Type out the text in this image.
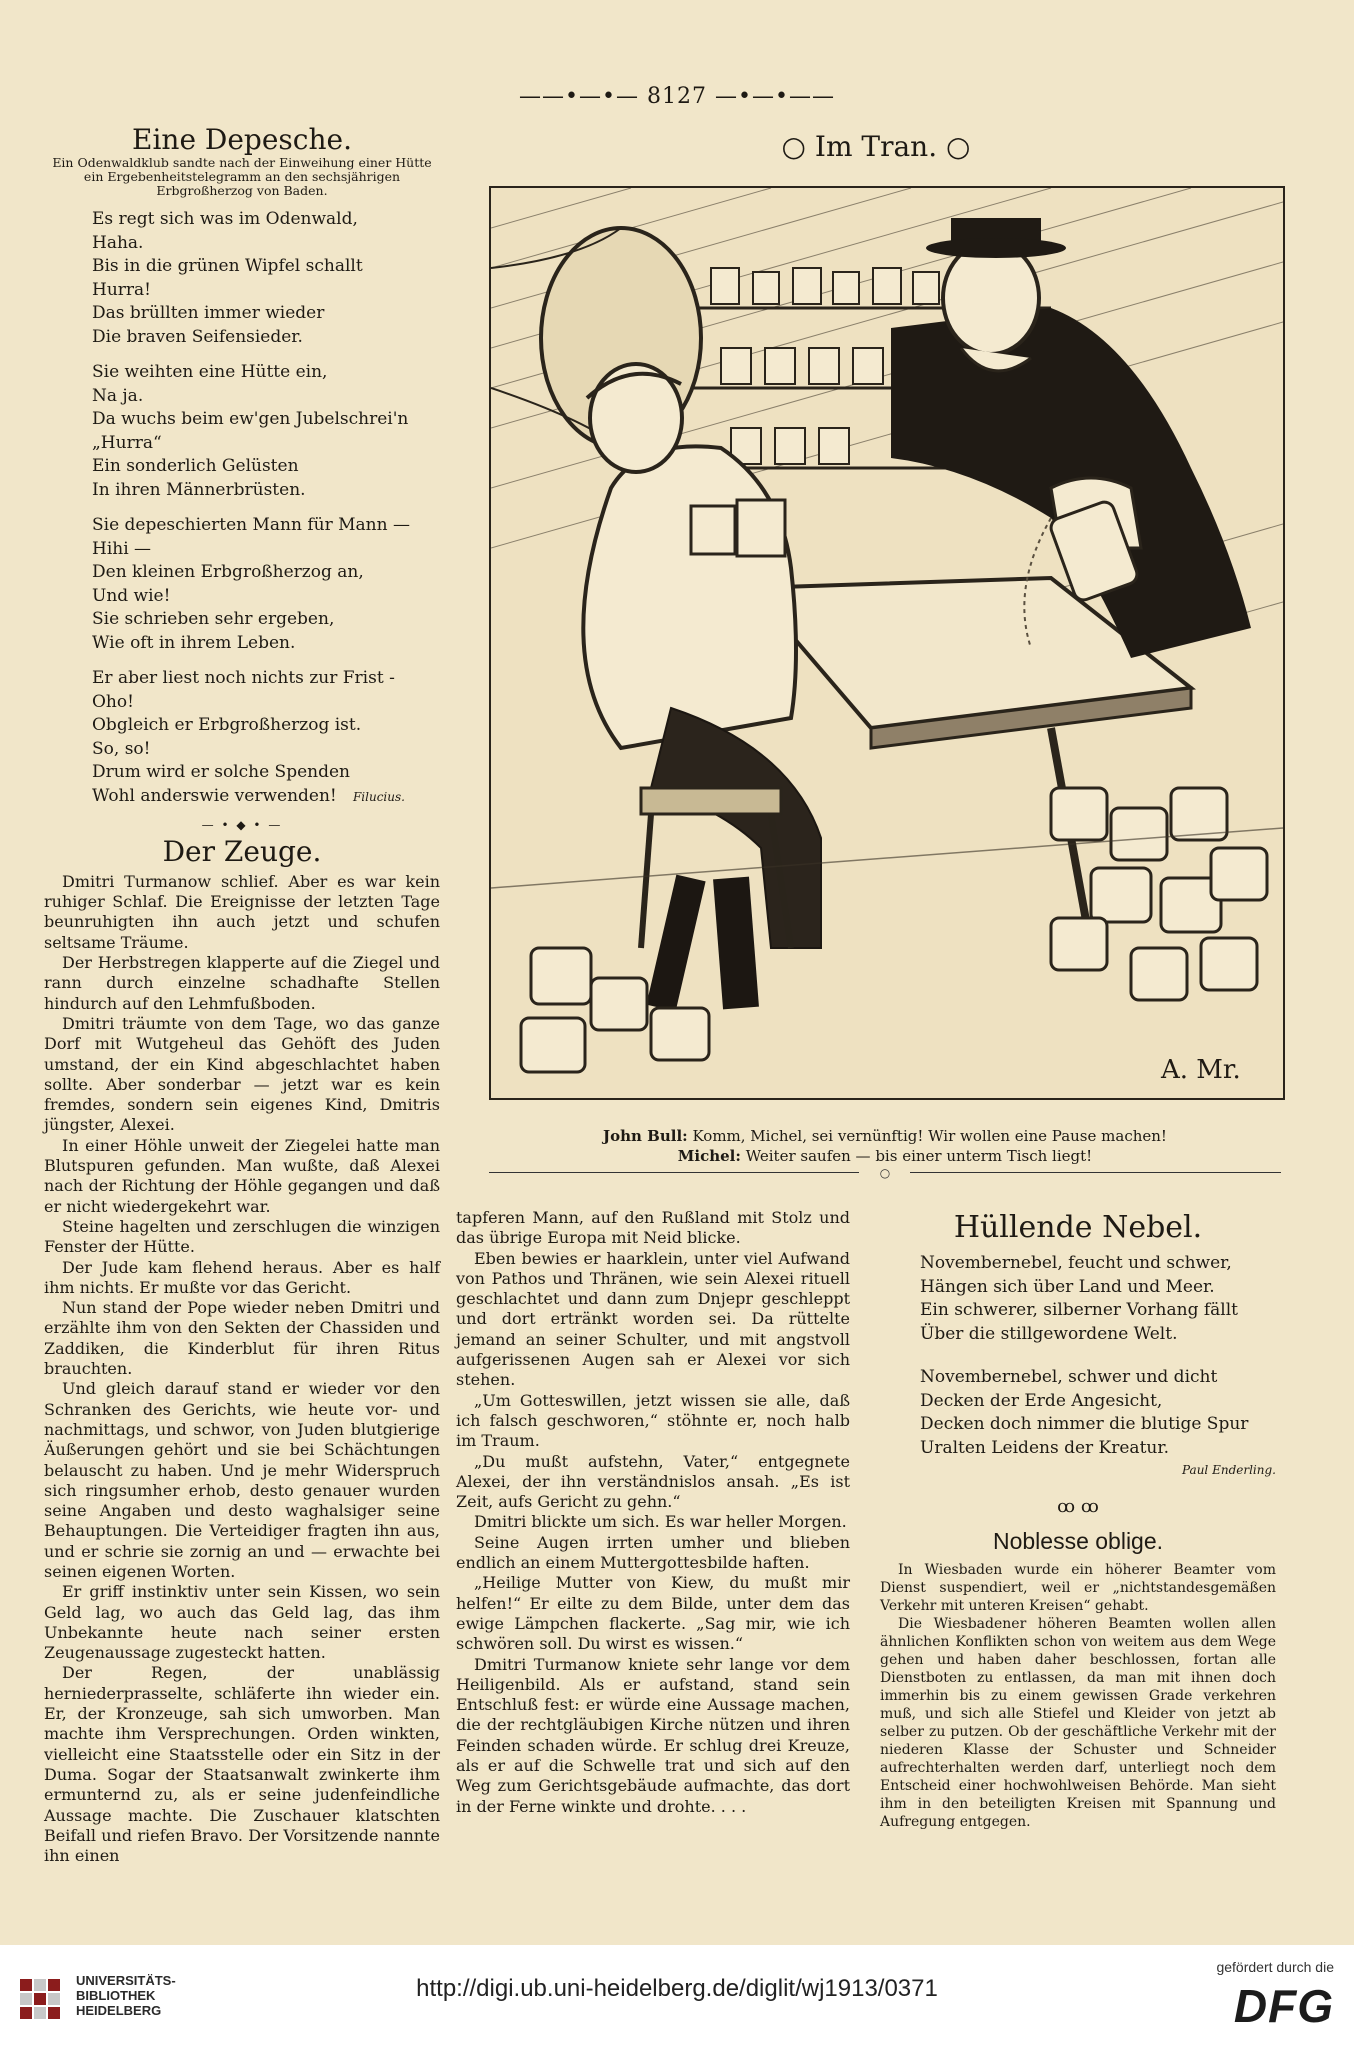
——•—•— 8127 —•—•——
Eine Depesche.
Ein Odenwaldklub sandte nach der Einweihung einer Hütte ein Ergebenheitstelegramm an den sechsjährigen Erbgroßherzog von Baden.
Es regt sich was im Odenwald,
Haha.
Bis in die grünen Wipfel schallt
Hurra!
Das brüllten immer wieder
Die braven Seifensieder.
Sie weihten eine Hütte ein,
Na ja.
Da wuchs beim ew'gen Jubelschrei'n
„Hurra“
Ein sonderlich Gelüsten
In ihren Männerbrüsten.
Sie depeschierten Mann für Mann —
Hihi —
Den kleinen Erbgroßherzog an,
Und wie!
Sie schrieben sehr ergeben,
Wie oft in ihrem Leben.
Er aber liest noch nichts zur Frist -
Oho!
Obgleich er Erbgroßherzog ist.
So, so!
Drum wird er solche Spenden
Wohl anderswie verwenden! Filucius.
— • ◆ • —
Der Zeuge.

Dmitri Turmanow schlief. Aber es war kein ruhiger Schlaf. Die Ereignisse der letzten Tage beunruhigten ihn auch jetzt und schufen seltsame Träume.

Der Herbstregen klapperte auf die Ziegel und rann durch einzelne schadhafte Stellen hindurch auf den Lehmfußboden.

Dmitri träumte von dem Tage, wo das ganze Dorf mit Wutgeheul das Gehöft des Juden umstand, der ein Kind abgeschlachtet haben sollte. Aber sonderbar — jetzt war es kein fremdes, sondern sein eigenes Kind, Dmitris jüngster, Alexei.

In einer Höhle unweit der Ziegelei hatte man Blutspuren gefunden. Man wußte, daß Alexei nach der Richtung der Höhle gegangen und daß er nicht wiedergekehrt war.

Steine hagelten und zerschlugen die winzigen Fenster der Hütte.

Der Jude kam flehend heraus. Aber es half ihm nichts. Er mußte vor das Gericht.

Nun stand der Pope wieder neben Dmitri und erzählte ihm von den Sekten der Chassiden und Zaddiken, die Kinderblut für ihren Ritus brauchten.

Und gleich darauf stand er wieder vor den Schranken des Gerichts, wie heute vor- und nachmittags, und schwor, von Juden blutgierige Äußerungen gehört und sie bei Schächtungen belauscht zu haben. Und je mehr Widerspruch sich ringsumher erhob, desto genauer wurden seine Angaben und desto waghalsiger seine Behauptungen. Die Verteidiger fragten ihn aus, und er schrie sie zornig an und — erwachte bei seinen eigenen Worten.

Er griff instinktiv unter sein Kissen, wo sein Geld lag, wo auch das Geld lag, das ihm Unbekannte heute nach seiner ersten Zeugenaussage zugesteckt hatten.

Der Regen, der unablässig herniederprasselte, schläferte ihn wieder ein. Er, der Kronzeuge, sah sich umworben. Man machte ihm Versprechungen. Orden winkten, vielleicht eine Staatsstelle oder ein Sitz in der Duma. Sogar der Staatsanwalt zwinkerte ihm ermunternd zu, als er seine judenfeindliche Aussage machte. Die Zuschauer klatschten Beifall und riefen Bravo. Der Vorsitzende nannte ihn einen

○ Im Tran. ○
A. Mr.
John Bull: Komm, Michel, sei vernünftig! Wir wollen eine Pause machen!
Michel: Weiter saufen — bis einer unterm Tisch liegt!
○

tapferen Mann, auf den Rußland mit Stolz und das übrige Europa mit Neid blicke.

Eben bewies er haarklein, unter viel Aufwand von Pathos und Thränen, wie sein Alexei rituell geschlachtet und dann zum Dnjepr geschleppt und dort ertränkt worden sei. Da rüttelte jemand an seiner Schulter, und mit angstvoll aufgerissenen Augen sah er Alexei vor sich stehen.

„Um Gotteswillen, jetzt wissen sie alle, daß ich falsch geschworen,“ stöhnte er, noch halb im Traum.

„Du mußt aufstehn, Vater,“ entgegnete Alexei, der ihn verständnislos ansah. „Es ist Zeit, aufs Gericht zu gehn.“

Dmitri blickte um sich. Es war heller Morgen.

Seine Augen irrten umher und blieben endlich an einem Muttergottesbilde haften.

„Heilige Mutter von Kiew, du mußt mir helfen!“ Er eilte zu dem Bilde, unter dem das ewige Lämpchen flackerte. „Sag mir, wie ich schwören soll. Du wirst es wissen.“

Dmitri Turmanow kniete sehr lange vor dem Heiligenbild. Als er aufstand, stand sein Entschluß fest: er würde eine Aussage machen, die der rechtgläubigen Kirche nützen und ihren Feinden schaden würde. Er schlug drei Kreuze, als er auf die Schwelle trat und sich auf den Weg zum Gerichtsgebäude aufmachte, das dort in der Ferne winkte und drohte. . . .

Hüllende Nebel.
Novembernebel, feucht und schwer,
Hängen sich über Land und Meer.
Ein schwerer, silberner Vorhang fällt
Über die stillgewordene Welt.
Novembernebel, schwer und dicht
Decken der Erde Angesicht,
Decken doch nimmer die blutige Spur
Uralten Leidens der Kreatur.
Paul Enderling.
ꝏ ꝏ
Noblesse oblige.

In Wiesbaden wurde ein höherer Beamter vom Dienst suspendiert, weil er „nichtstandesgemäßen Verkehr mit unteren Kreisen“ gehabt.

Die Wiesbadener höheren Beamten wollen allen ähnlichen Konflikten schon von weitem aus dem Wege gehen und haben daher beschlossen, fortan alle Dienstboten zu entlassen, da man mit ihnen doch immerhin bis zu einem gewissen Grade verkehren muß, und sich alle Stiefel und Kleider von jetzt ab selber zu putzen. Ob der geschäftliche Verkehr mit der niederen Klasse der Schuster und Schneider aufrechterhalten werden darf, unterliegt noch dem Entscheid einer hochwohlweisen Behörde. Man sieht ihm in den beteiligten Kreisen mit Spannung und Aufregung entgegen.

UNIVERSITÄTS-
BIBLIOTHEK
HEIDELBERG
http://digi.ub.uni-heidelberg.de/diglit/wj1913/0371
gefördert durch die
DFG
